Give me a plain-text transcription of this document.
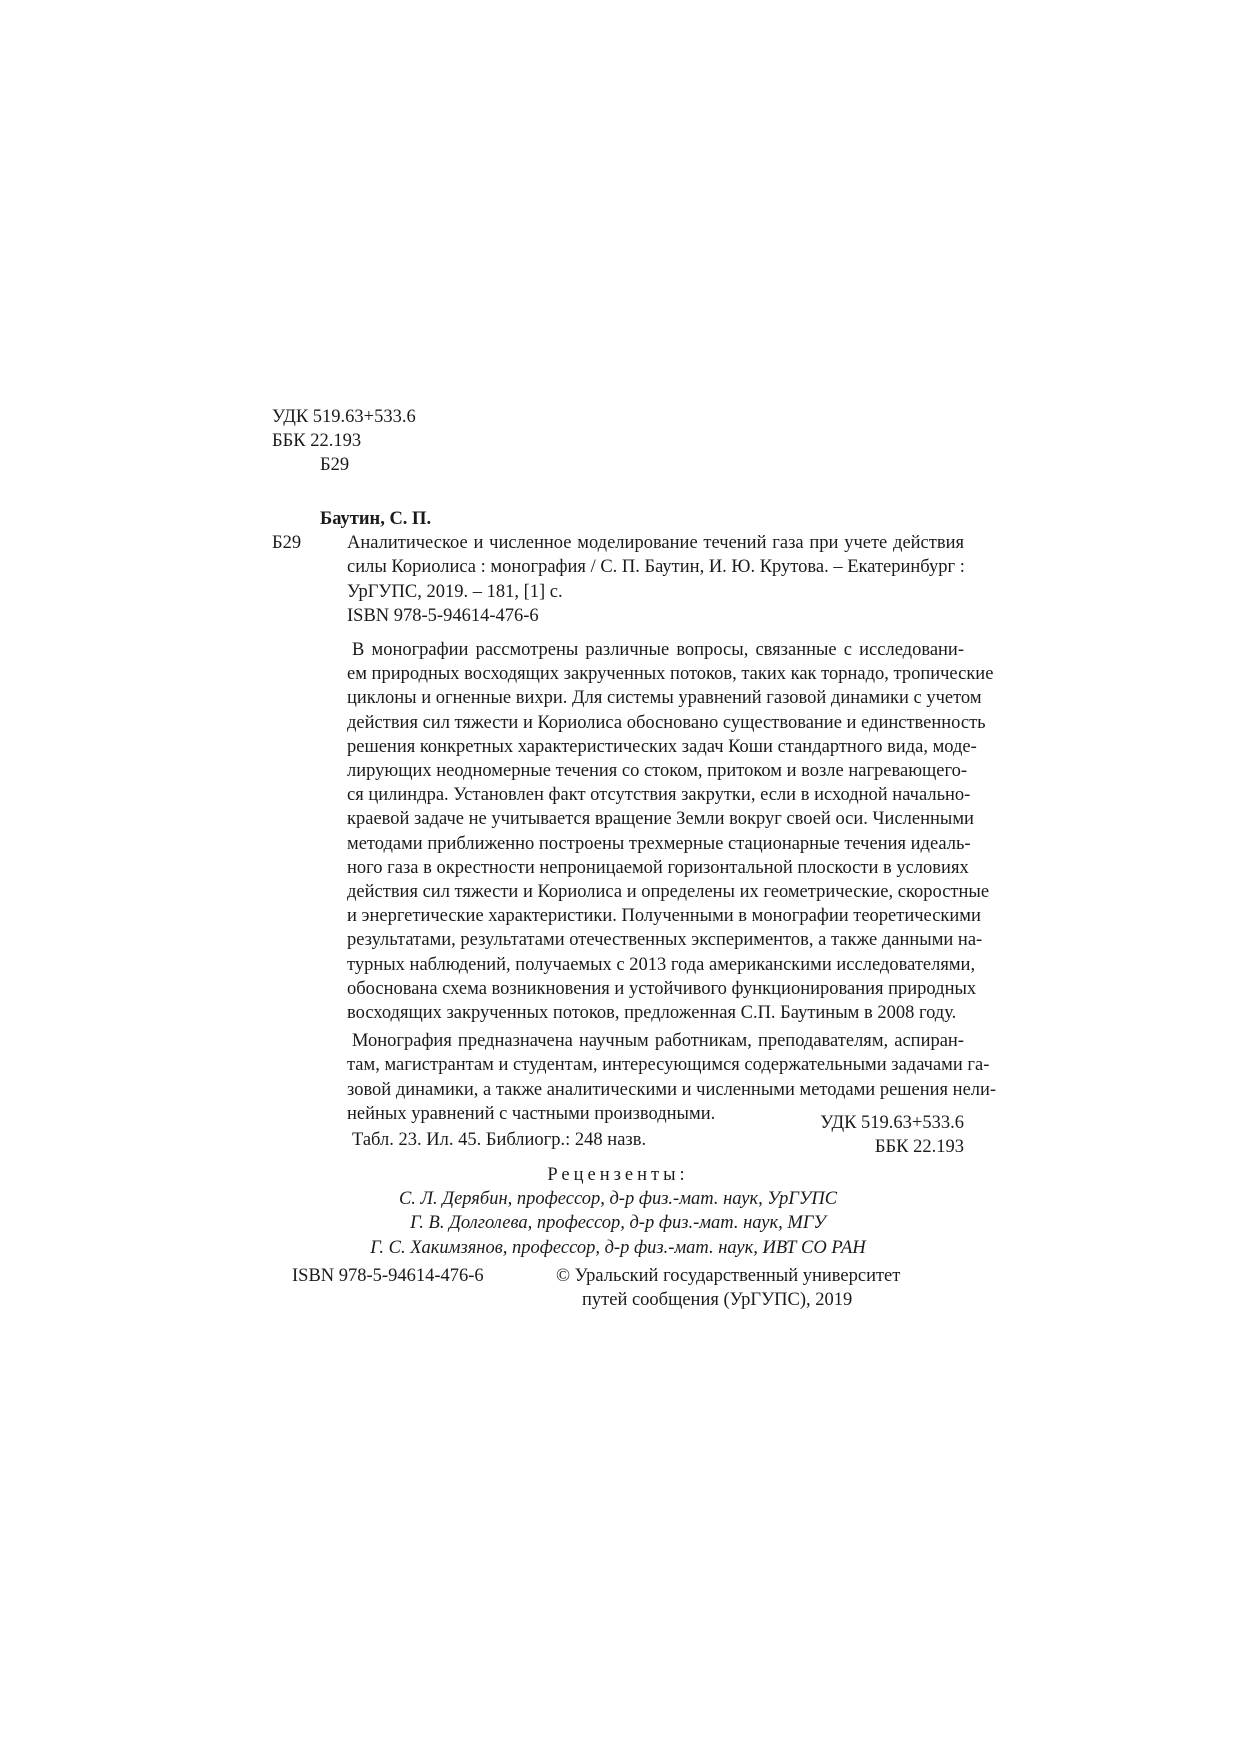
УДК 519.63+533.6
ББК 22.193
Б29
Баутин, С. П.
Аналитическое и численное моделирование течений газа при учете действия
силы Кориолиса : монография / С. П. Баутин, И. Ю. Крутова. – Екатеринбург :
УрГУПС, 2019. – 181, [1] с.
ISBN 978-5-94614-476-6
Б29
В монографии рассмотрены различные вопросы, связанные с исследовани-
ем природных восходящих закрученных потоков, таких как торнадо, тропические
циклоны и огненные вихри. Для системы уравнений газовой динамики с учетом
действия сил тяжести и Кориолиса обосновано существование и единственность
решения конкретных характеристических задач Коши стандартного вида, моде-
лирующих неодномерные течения со стоком, притоком и возле нагревающего-
ся цилиндра. Установлен факт отсутствия закрутки, если в исходной начально-
краевой задаче не учитывается вращение Земли вокруг своей оси. Численными
методами приближенно построены трехмерные стационарные течения идеаль-
ного газа в окрестности непроницаемой горизонтальной плоскости в условиях
действия сил тяжести и Кориолиса и определены их геометрические, скоростные
и энергетические характеристики. Полученными в монографии теоретическими
результатами, результатами отечественных экспериментов, а также данными на-
турных наблюдений, получаемых с 2013 года американскими исследователями,
обоснована схема возникновения и устойчивого функционирования природных
восходящих закрученных потоков, предложенная С.П. Баутиным в 2008 году.
Монография предназначена научным работникам, преподавателям, аспиран-
там, магистрантам и студентам, интересующимся содержательными задачами га-
зовой динамики, а также аналитическими и численными методами решения нели-
нейных уравнений с частными производными.
Табл. 23. Ил. 45. Библиогр.: 248 назв.
УДК 519.63+533.6
ББК 22.193
Рецензенты:
С. Л. Дерябин, профессор, д-р физ.-мат. наук, УрГУПС
Г. В. Долголева, профессор, д-р физ.-мат. наук, МГУ
Г. С. Хакимзянов, профессор, д-р физ.-мат. наук, ИВТ СО РАН
ISBN 978-5-94614-476-6	© Уральский государственный университет
путей сообщения (УрГУПС), 2019
